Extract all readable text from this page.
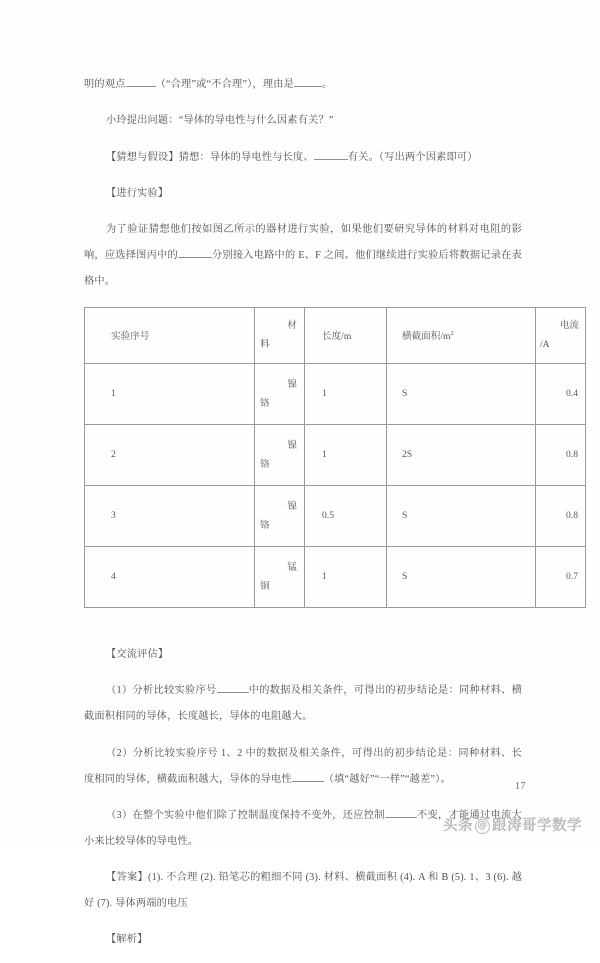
明的观点	（“合理”或“不合理”），理由是	。

小玲提出问题：“导体的导电性与什么因素有关？”

【猜想与假设】猜想：导体的导电性与长度、	有关。（写出两个因素即可）

【进行实验】

为了验证猜想他们按如图乙所示的器材进行实验，如果他们要研究导体的材料对电阻的影响，应选择图丙中的	分别接入电路中的 E、F 之间。他们继续进行实验后将数据记录在表格中。

实验序号	材
料	长度/m	横截面积$/m^2$	电流
/A

1	镍
铬	1	S	0.4

2	镍
铬	1	2S	0.8

3	镍
铬	0.5	S	0.8

4	锰
铜	1	S	0.7

【交流评估】

（1）分析比较实验序号	中的数据及相关条件，可得出的初步结论是：同种材料、横截面积相同的导体，长度越长，导体的电阻越大。

（2）分析比较实验序号 1、2 中的数据及相关条件，可得出的初步结论是：同种材料、长度相同的导体，横截面积越大，导体的导电性	（填“越好”“一样”“越差”）。

（3）在整个实验中他们除了控制温度保持不变外，还应控制	不变，才能通过电流大小来比较导体的导电性。

【答案】(1). 不合理 (2). 铅笔芯的粗细不同 (3). 材料、横截面积 (4). A 和 B (5). 1、3 (6). 越好 (7). 导体两端的电压

【解析】

17
头条 @ 跟涛哥学数学
